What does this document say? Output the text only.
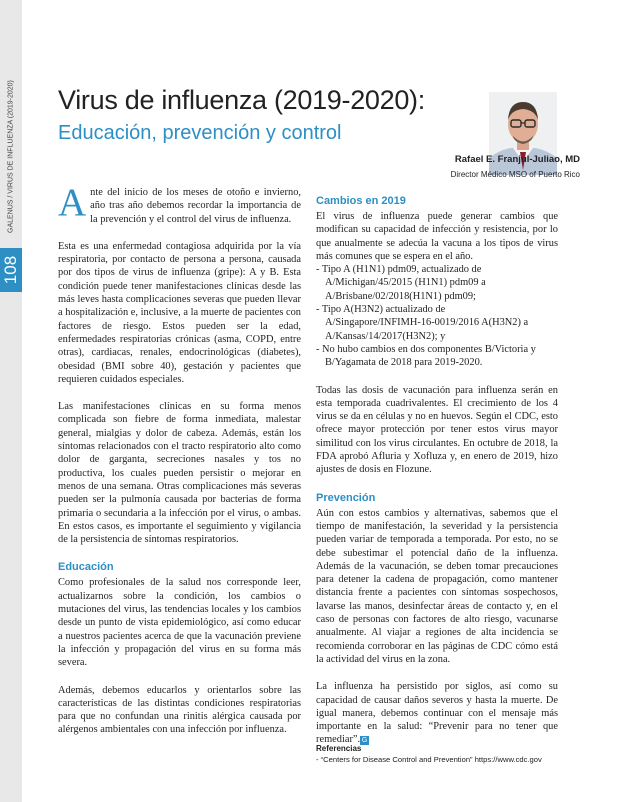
GALENUS / VIRUS DE INFLUENZA (2019-2020)
108
Virus de influenza (2019-2020):
Educación, prevención y control
Rafael E. Franjul-Juliao, MD
Director Médico MSO of Puerto Rico

Ante del inicio de los meses de otoño e invierno, año tras año debemos recordar la importancia de la prevención y el control del virus de influenza.

Esta es una enfermedad contagiosa adquirida por la vía respiratoria, por contacto de persona a persona, causada por dos tipos de virus de influenza (gripe): A y B. Esta condición puede tener manifestaciones clínicas desde las más leves hasta complicaciones severas que pueden llevar a hospitalización e, inclusive, a la muerte de pacientes con factores de riesgo. Estos pueden ser la edad, enfermedades respiratorias crónicas (asma, COPD, entre otras), cardiacas, renales, endocrinológicas (diabetes), obesidad (BMI sobre 40), gestación y pacientes que requieren cuidados especiales.

Las manifestaciones clínicas en su forma menos complicada son fiebre de forma inmediata, malestar general, mialgias y dolor de cabeza. Además, están los síntomas relacionados con el tracto respiratorio alto como dolor de garganta, secreciones nasales y tos no productiva, los cuales pueden persistir o mejorar en menos de una semana. Otras complicaciones más severas pueden ser la pulmonía causada por bacterias de forma primaria o secundaria a la infección por el virus, o ambas. En estos casos, es importante el seguimiento y vigilancia de la persistencia de síntomas respiratorios.

Educación

Como profesionales de la salud nos corresponde leer, actualizarnos sobre la condición, los cambios o mutaciones del virus, las tendencias locales y los cambios desde un punto de vista epidemiológico, así como educar a nuestros pacientes acerca de que la vacunación previene la infección y propagación del virus en su forma más severa.

Además, debemos educarlos y orientarlos sobre las características de las distintas condiciones respiratorias para que no confundan una rinitis alérgica causada por alérgenos ambientales con una infección por influenza.

Cambios en 2019

El virus de influenza puede generar cambios que modifican su capacidad de infección y resistencia, por lo que anualmente se adecúa la vacuna a los tipos de virus más comunes que se espera en el año.

- Tipo A (H1N1) pdm09, actualizado de
A/Michigan/45/2015 (H1N1) pdm09 a
A/Brisbane/02/2018(H1N1) pdm09;
- Tipo A(H3N2) actualizado de
A/Singapore/INFIMH-16-0019/2016 A(H3N2) a
A/Kansas/14/2017(H3N2); y
- No hubo cambios en dos componentes B/Victoria y
B/Yagamata de 2018 para 2019-2020.

Todas las dosis de vacunación para influenza serán en esta temporada cuadrivalentes. El crecimiento de los 4 virus se da en células y no en huevos. Según el CDC, esto ofrece mayor protección por tener estos virus mayor similitud con los virus circulantes. En octubre de 2018, la FDA aprobó Afluria y Xofluza y, en enero de 2019, hizo ajustes de dosis en Flozune.

Prevención

Aún con estos cambios y alternativas, sabemos que el tiempo de manifestación, la severidad y la persistencia pueden variar de temporada a temporada. Por esto, no se debe subestimar el potencial daño de la influenza. Además de la vacunación, se deben tomar precauciones para detener la cadena de propagación, como mantener distancia frente a pacientes con síntomas sospechosos, lavarse las manos, desinfectar áreas de contacto y, en el caso de personas con factores de alto riesgo, vacunarse anualmente. Al viajar a regiones de alta incidencia se recomienda corroborar en las páginas de CDC cómo está la actividad del virus en la zona.

La influenza ha persistido por siglos, así como su capacidad de causar daños severos y hasta la muerte. De igual manera, debemos continuar con el mensaje más importante en la salud: “Prevenir para no tener que remediar”. G

Referencias
- “Centers for Disease Control and Prevention” https://www.cdc.gov
